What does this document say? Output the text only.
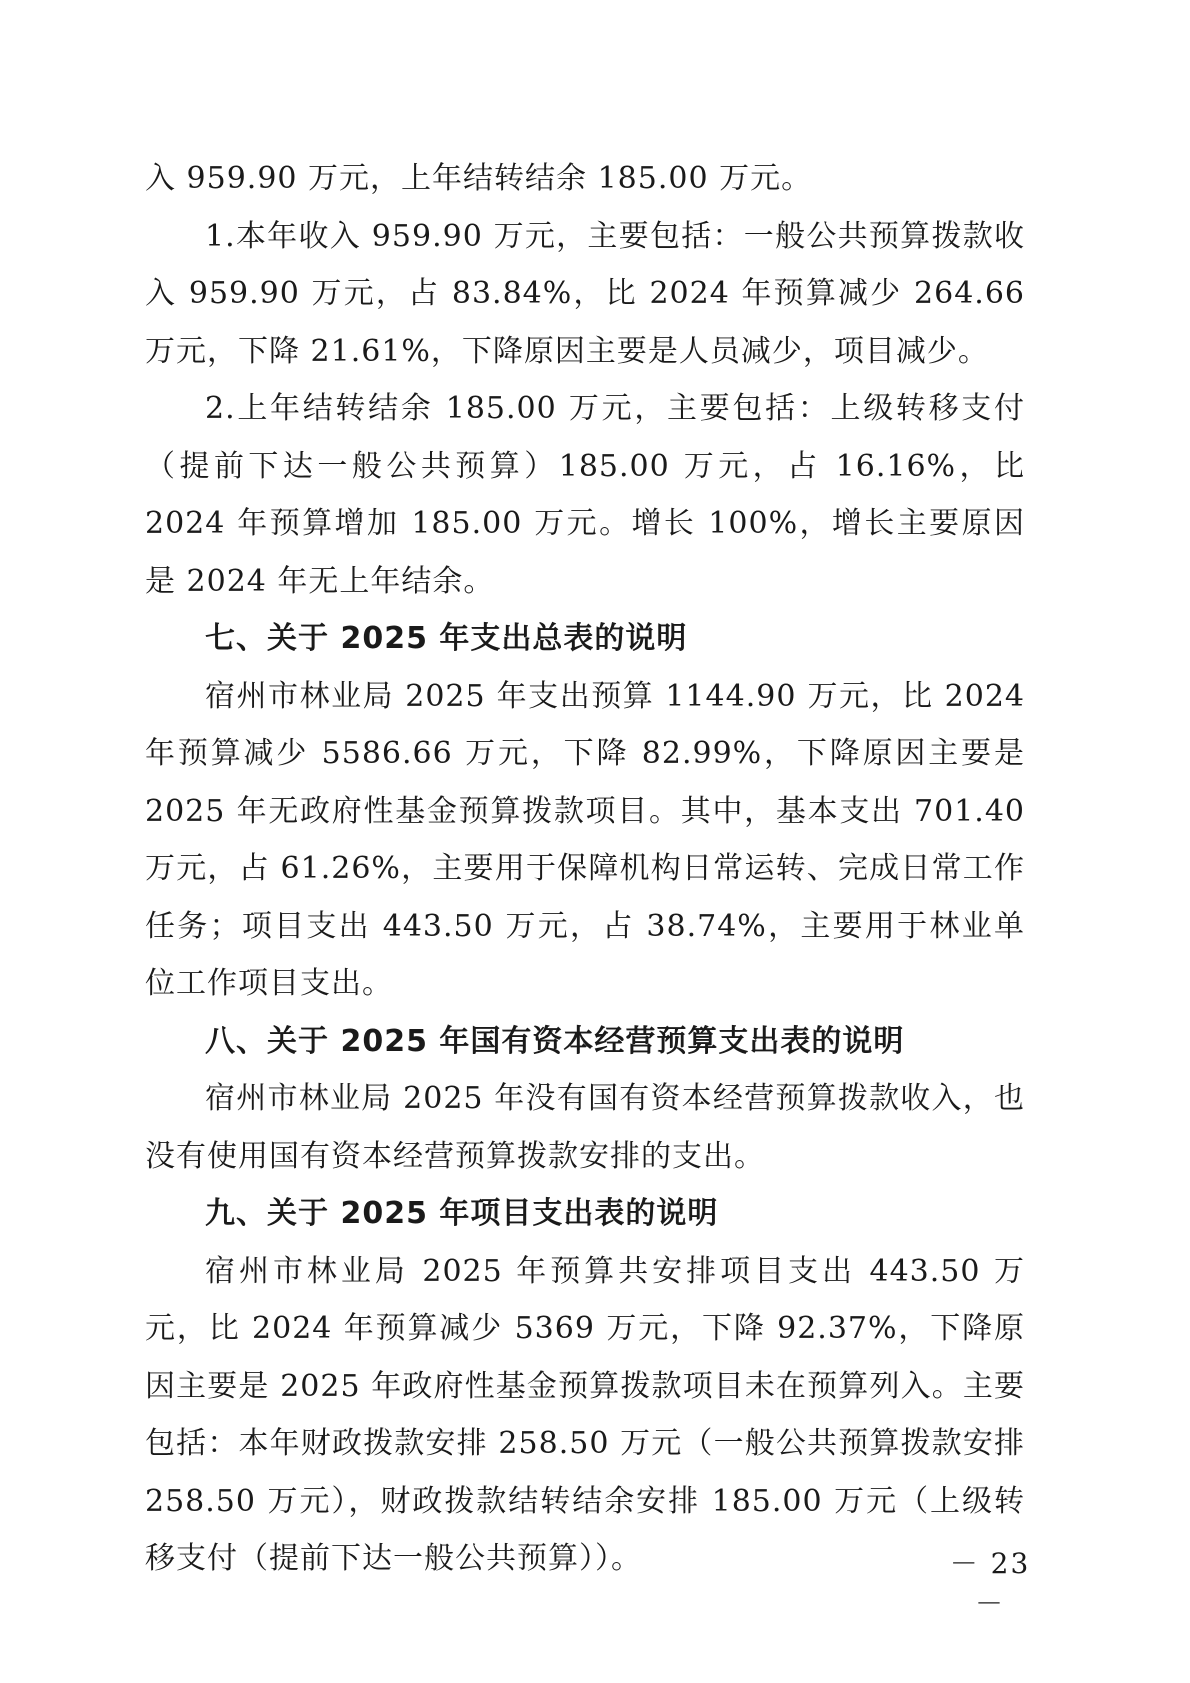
入 959.90 万元，上年结转结余 185.00 万元。

1.本年收入 959.90 万元，主要包括：一般公共预算拨款收入 959.90 万元，占 83.84%，比 2024 年预算减少 264.66 万元，下降 21.61%，下降原因主要是人员减少，项目减少。

2.上年结转结余 185.00 万元，主要包括：上级转移支付（提前下达一般公共预算）185.00 万元，占 16.16%，比 2024 年预算增加 185.00 万元。增长 100%，增长主要原因是 2024 年无上年结余。

七、关于 2025 年支出总表的说明

宿州市林业局 2025 年支出预算 1144.90 万元，比 2024 年预算减少 5586.66 万元，下降 82.99%，下降原因主要是 2025 年无政府性基金预算拨款项目。其中，基本支出 701.40 万元，占 61.26%，主要用于保障机构日常运转、完成日常工作任务；项目支出 443.50 万元，占 38.74%，主要用于林业单位工作项目支出。

八、关于 2025 年国有资本经营预算支出表的说明

宿州市林业局 2025 年没有国有资本经营预算拨款收入，也没有使用国有资本经营预算拨款安排的支出。

九、关于 2025 年项目支出表的说明

宿州市林业局 2025 年预算共安排项目支出 443.50 万元，比 2024 年预算减少 5369 万元，下降 92.37%，下降原因主要是 2025 年政府性基金预算拨款项目未在预算列入。主要包括：本年财政拨款安排 258.50 万元（一般公共预算拨款安排 258.50 万元），财政拨款结转结余安排 185.00 万元（上级转移支付（提前下达一般公共预算））。	－ 23 －
